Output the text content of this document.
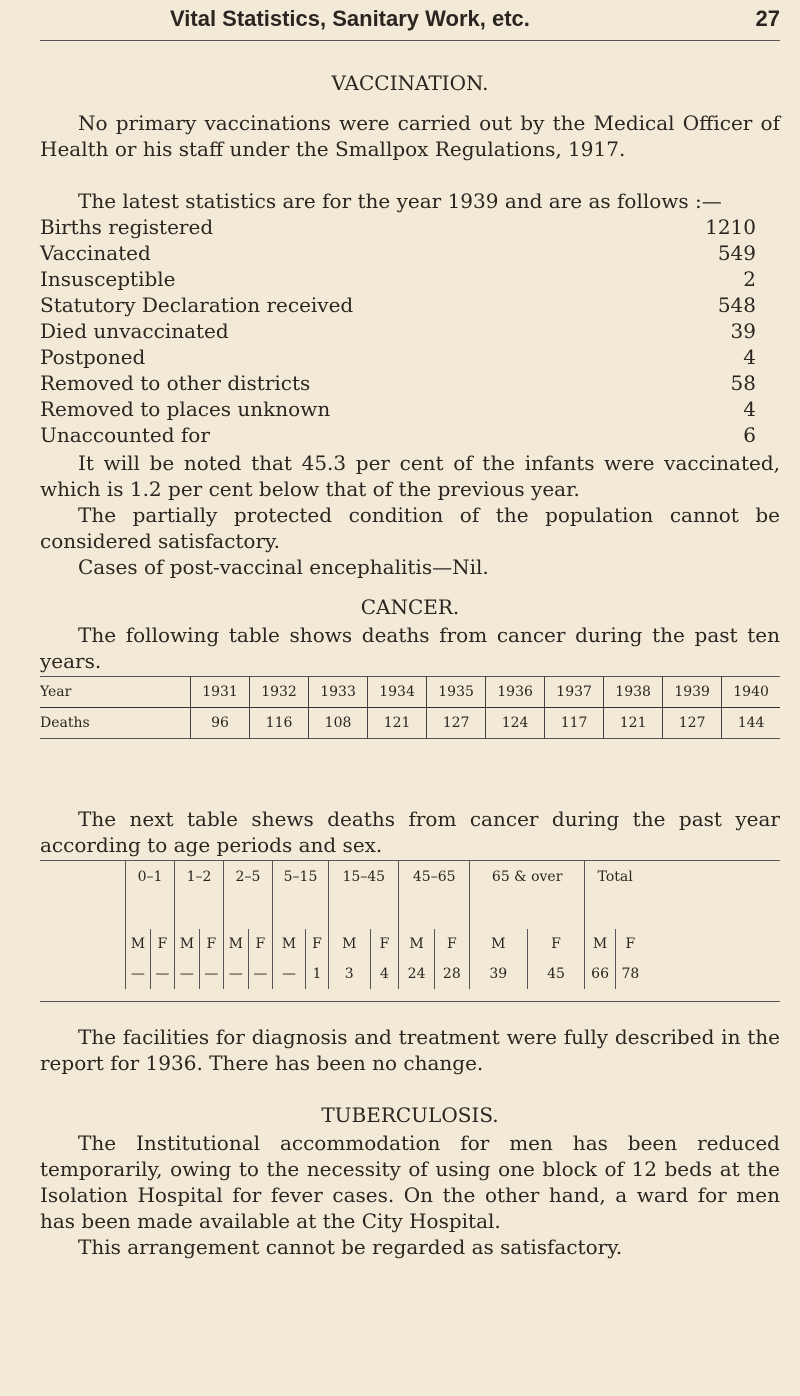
Vital Statistics, Sanitary Work, etc.	27
VACCINATION.
No primary vaccinations were carried out by the Medical Officer of Health or his staff under the Smallpox Regulations, 1917.
The latest statistics are for the year 1939 and are as follows :—
Births registered	1210
Vaccinated	549
Insusceptible	2
Statutory Declaration received	548
Died unvaccinated	39
Postponed	4
Removed to other districts	58
Removed to places unknown	4
Unaccounted for	6
It will be noted that 45.3 per cent of the infants were vaccinated, which is 1.2 per cent below that of the previous year.
The partially protected condition of the population cannot be considered satisfactory.
Cases of post-vaccinal encephalitis—Nil.
CANCER.
The following table shows deaths from cancer during the past ten years.
Year	1931	1932	1933	1934	1935	1936	1937	1938	1939	1940
Deaths	96	116	108	121	127	124	117	121	127	144
The next table shews deaths from cancer during the past year according to age periods and sex.
0–1		1–2		2–5		5–15		15–45		45–65		65 & over		Total	
M	F	M	F	M	F	M	F	M	F	M	F	M	F	M	F
—	—	—	—	—	—	—	1	3	4	24	28	39	45	66	78
The facilities for diagnosis and treatment were fully described in the report for 1936. There has been no change.
TUBERCULOSIS.
The Institutional accommodation for men has been reduced temporarily, owing to the necessity of using one block of 12 beds at the Isolation Hospital for fever cases. On the other hand, a ward for men has been made available at the City Hospital.
This arrangement cannot be regarded as satisfactory.
